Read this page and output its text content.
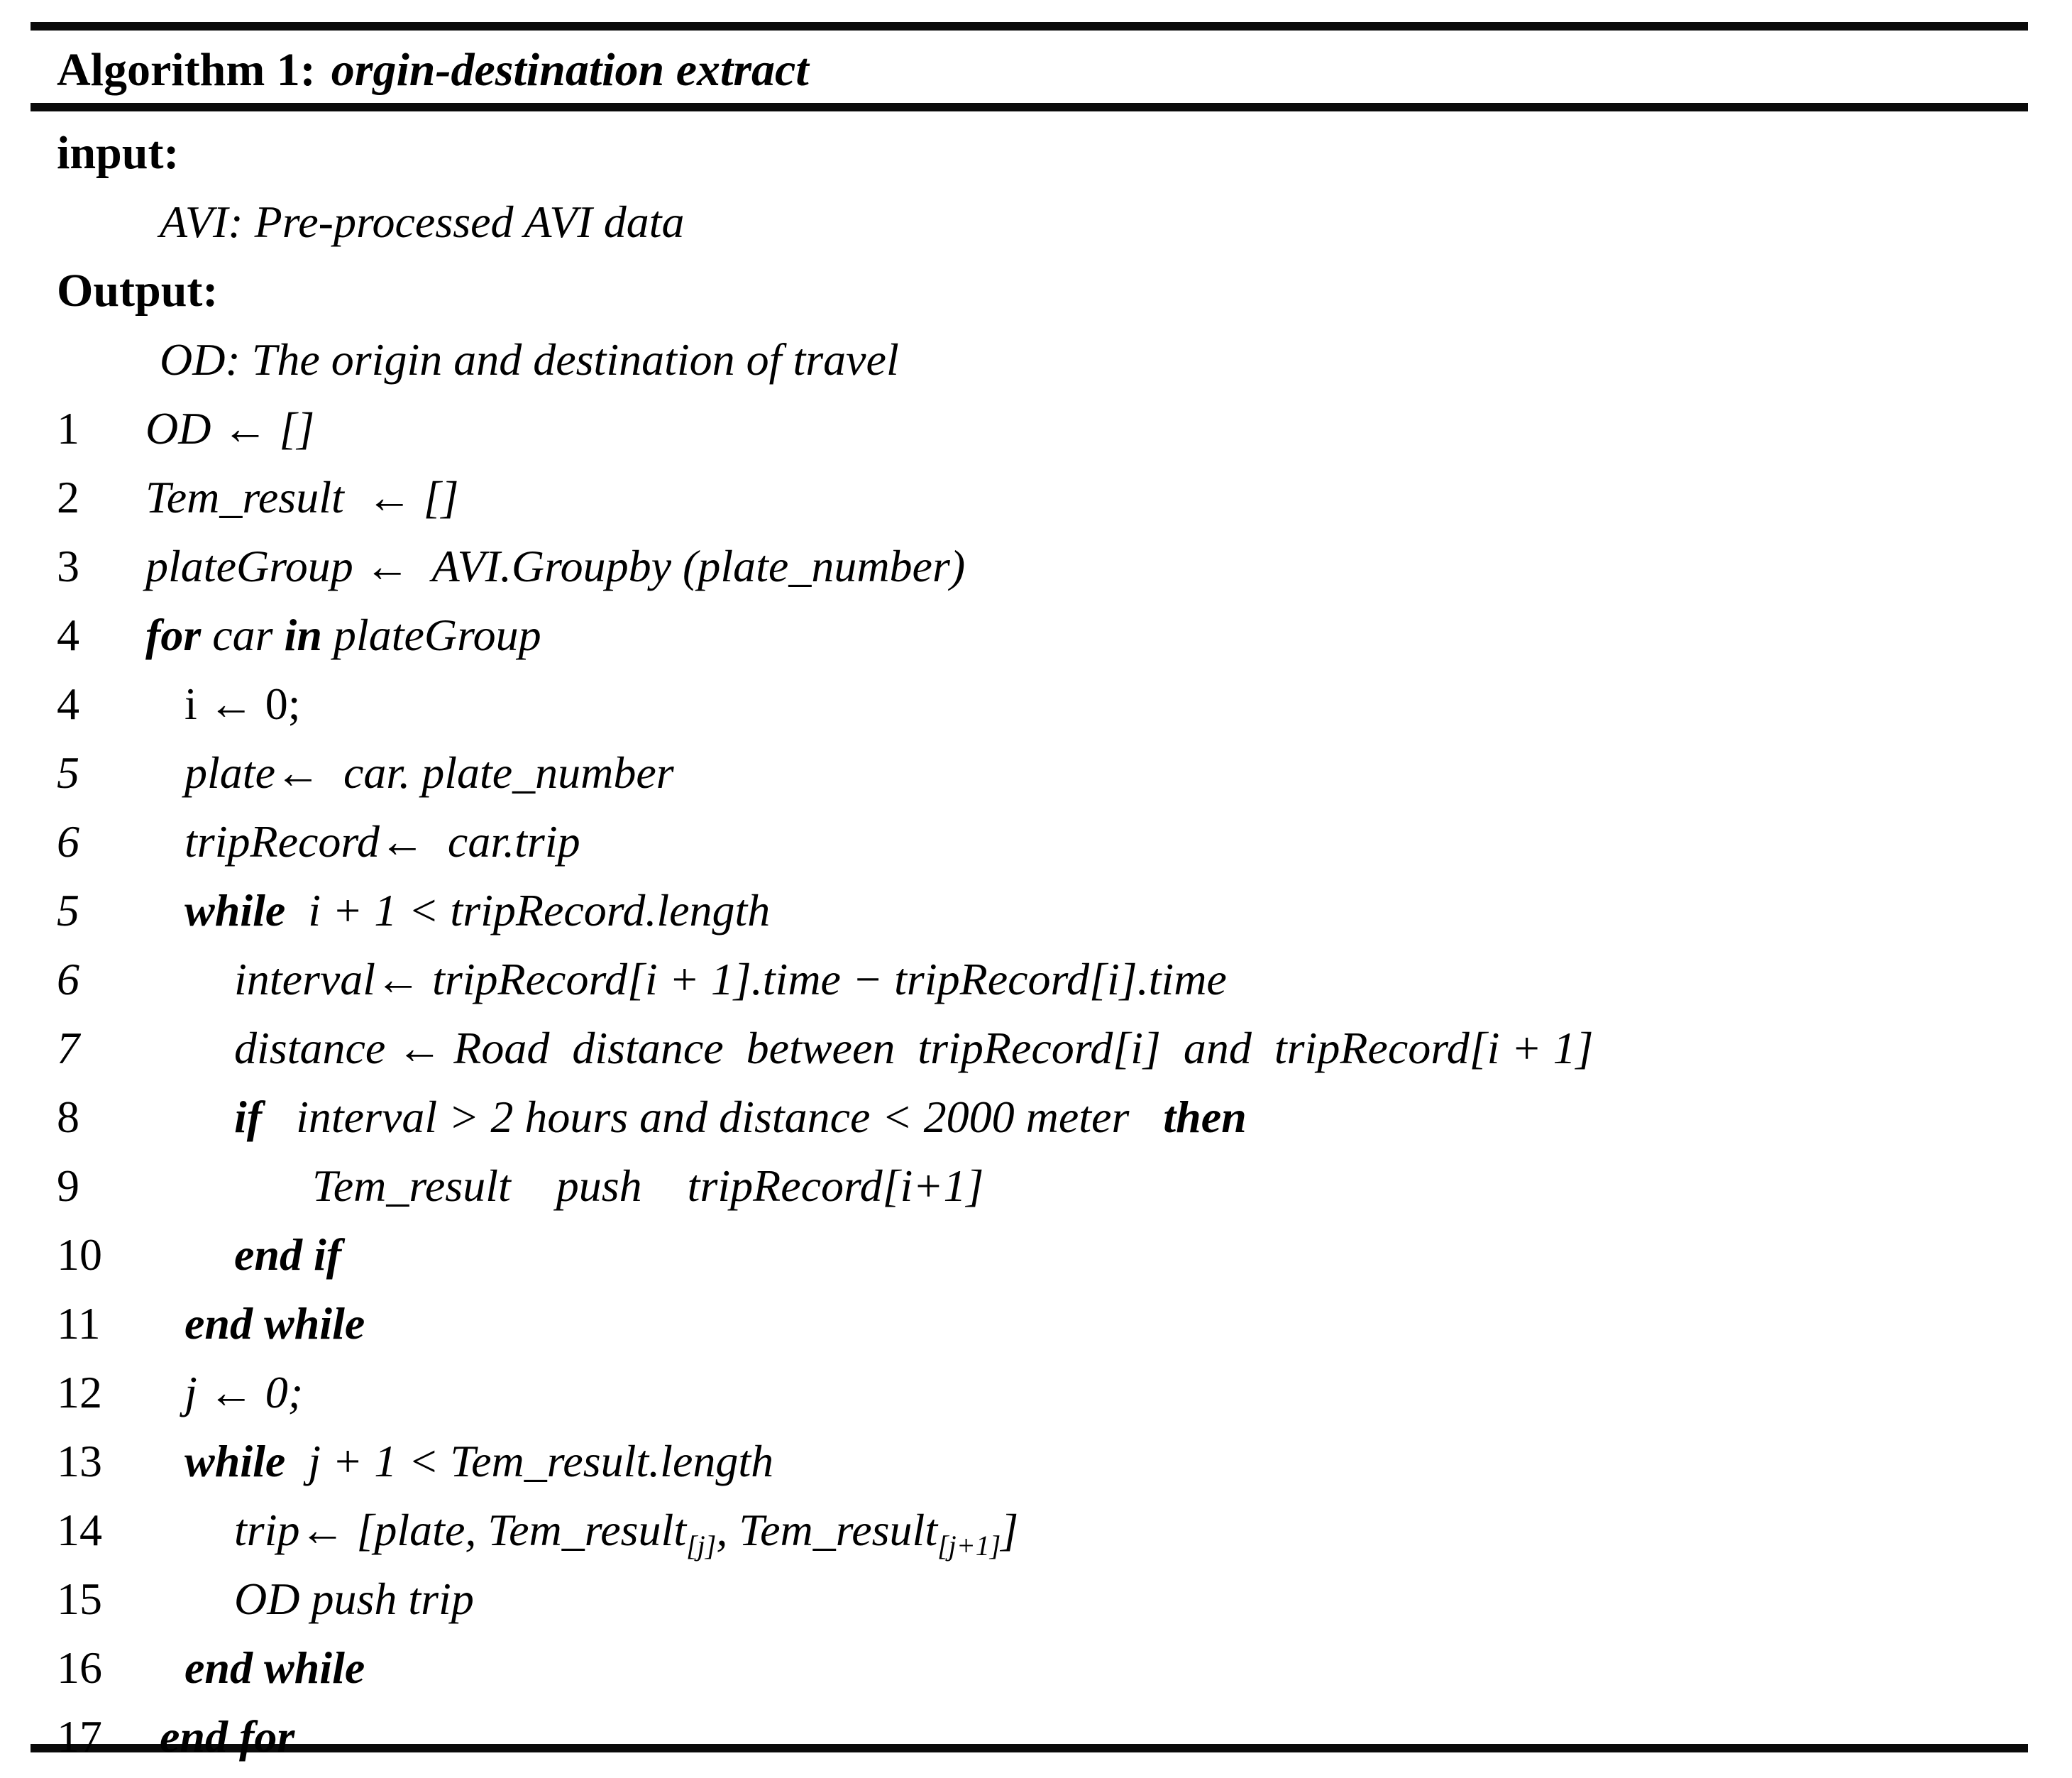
Algorithm 1: orgin-destination extract
input:
AVI: Pre-processed AVI data
Output:
OD: The origin and destination of travel
1 OD ← []
2 Tem_result  ← []
3 plateGroup ←  AVI.Groupby (plate_number)
4 for car in plateGroup
4 i ← 0;
5 plate←  car. plate_number
6 tripRecord←  car.trip
5 while  i + 1 < tripRecord.length
6	interval← tripRecord[i + 1].time − tripRecord[i].time
7	distance ← Road  distance  between  tripRecord[i]  and  tripRecord[i + 1]
8	if   interval > 2 hours and distance < 2000 meter   then
9	Tem_result    push    tripRecord[i+1]
10	end if
11 end while
12 j ← 0;
13 while  j + 1 < Tem_result.length
14	trip← [plate, Tem_result$_{[j]}$, Tem_result$_{[j+1]}$]
15	OD push trip
16 end while
17 end for
